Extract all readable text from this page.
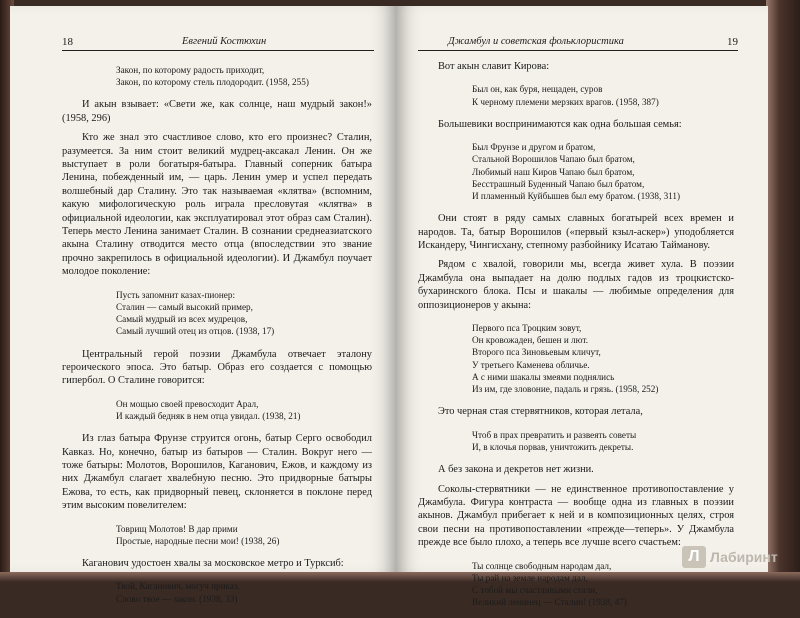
18	Евгений Костюхин
Закон, по которому радость приходит,
Закон, по которому стель плодородит. (1958, 255)

И акын взывает: «Свети же, как солнце, наш мудрый закон!» (1958, 296)

Кто же знал это счастливое слово, кто его произнес? Сталин, разумеется. За ним стоит великий мудрец-аксакал Ленин. Он же выступает в роли богатыря-батыра. Главный соперник батыра Ленина, побежденный им, — царь. Ленин умер и успел передать волшебный дар Сталину. Это так называемая «клятва» (вспомним, какую мифологическую роль играла пресловутая «клятва» в официальной идеологии, как эксплуатировал этот образ сам Сталин). Теперь место Ленина занимает Сталин. В сознании среднеазиатского акына Сталину отводится место отца (впоследствии это звание прочно закрепилось в официальной идеологии). И Джамбул поучает молодое поколение:

Пусть запомнит казах-пионер:
Сталин — самый высокий пример,
Самый мудрый из всех мудрецов,
Самый лучший отец из отцов. (1938, 17)

Центральный герой поэзии Джамбула отвечает эталону героического эпоса. Это батыр. Образ его создается с помощью гипербол. О Сталине говорится:

Он мощью своей превосходит Арал,
И каждый бедняк в нем отца увидал. (1938, 21)

Из глаз батыра Фрунзе струится огонь, батыр Серго освободил Кавказ. Но, конечно, батыр из батыров — Сталин. Вокруг него — тоже батыры: Молотов, Ворошилов, Каганович, Ежов, и каждому из них Джамбул слагает хвалебную песню. Это придворные батыры Ежова, то есть, как придворный певец, склоняется в поклоне перед этим высоким повелителем:

Товрищ Молотов! В дар прими
Простые, народные песни мои! (1938, 26)

Каганович удостоен хвалы за московское метро и Турксиб:

Твой, Каганович, могуч приказ,
Слово твое — закон. (1938, 33)
Джамбул и советская фольклористика	19

Вот акын славит Кирова:

Был он, как буря, нещаден, суров
К черному племени мерзких врагов. (1958, 387)

Большевики воспринимаются как одна большая семья:

Был Фрунзе и другом и братом,
Стальной Ворошилов Чапаю был братом,
Любимый наш Киров Чапаю был братом,
Бесстрашный Буденный Чапаю был братом,
И пламенный Куйбышев был ему братом. (1938, 311)

Они стоят в ряду самых славных богатырей всех времен и народов. Та, батыр Ворошилов («первый кзыл-аскер») уподобляется Искандеру, Чингисхану, степному разбойнику Исатаю Тайманову.

Рядом с хвалой, говорили мы, всегда живет хула. В поэзии Джамбула она выпадает на долю подлых гадов из троцкистско-бухаринского блока. Псы и шакалы — любимые определения для оппозиционеров у акына:

Первого пса Троцким зовут,
Он кровожаден, бешен и лют.
Второго пса Зиновьевым кличут,
У третьего Каменева обличье.
А с ними шакалы змеями поднялись
Из им, где зловоние, падаль и грязь. (1958, 252)

Это черная стая стервятников, которая летала,

Чтоб в прах превратить и развеять советы
И, в клочья порвав, уничтожить декреты.

А без закона и декретов нет жизни.

Соколы-стервятники — не единственное противопоставление у Джамбула. Фигура контраста — вообще одна из главных в поэзии акынов. Джамбул прибегает к ней и в композиционных целях, строя свои песни на противопоставлении «прежде—теперь». У Джамбула прежде все было плохо, а теперь все лучше всего счастьем:

Ты солнце свободным народам дал,
Ты рай на земле народам дал,
С тобой мы счастливыми стали,
Великий ленинец — Сталин! (1938, 47)
Л Лабиринт
